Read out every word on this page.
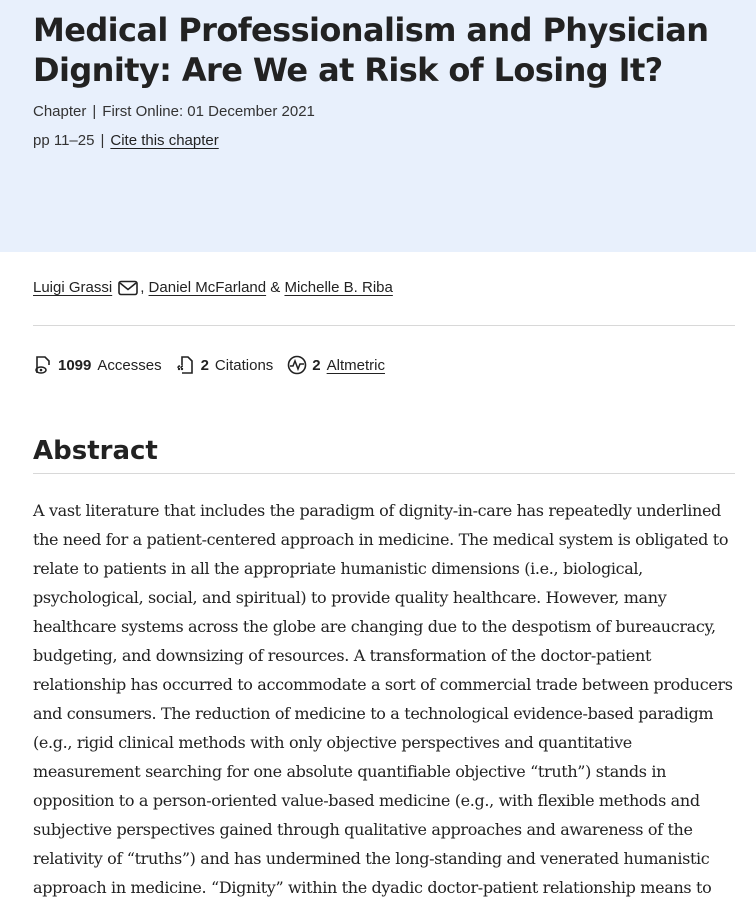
Medical Professionalism and Physician Dignity: Are We at Risk of Losing It?
Chapter | First Online: 01 December 2021
pp 11–25 | Cite this chapter
Luigi Grassi , Daniel McFarland & Michelle B. Riba
1099 Accesses	2 Citations	2 Altmetric
Abstract
A vast literature that includes the paradigm of dignity-in-care has repeatedly underlined the need for a patient-centered approach in medicine. The medical system is obligated to relate to patients in all the appropriate humanistic dimensions (i.e., biological, psychological, social, and spiritual) to provide quality healthcare. However, many healthcare systems across the globe are changing due to the despotism of bureaucracy, budgeting, and downsizing of resources. A transformation of the doctor-patient relationship has occurred to accommodate a sort of commercial trade between producers and consumers. The reduction of medicine to a technological evidence-based paradigm (e.g., rigid clinical methods with only objective perspectives and quantitative measurement searching for one absolute quantifiable objective “truth”) stands in opposition to a person-oriented value-based medicine (e.g., with flexible methods and subjective perspectives gained through qualitative approaches and awareness of the relativity of “truths”) and has undermined the long-standing and venerated humanistic approach in medicine. “Dignity” within the dyadic doctor-patient relationship means to
